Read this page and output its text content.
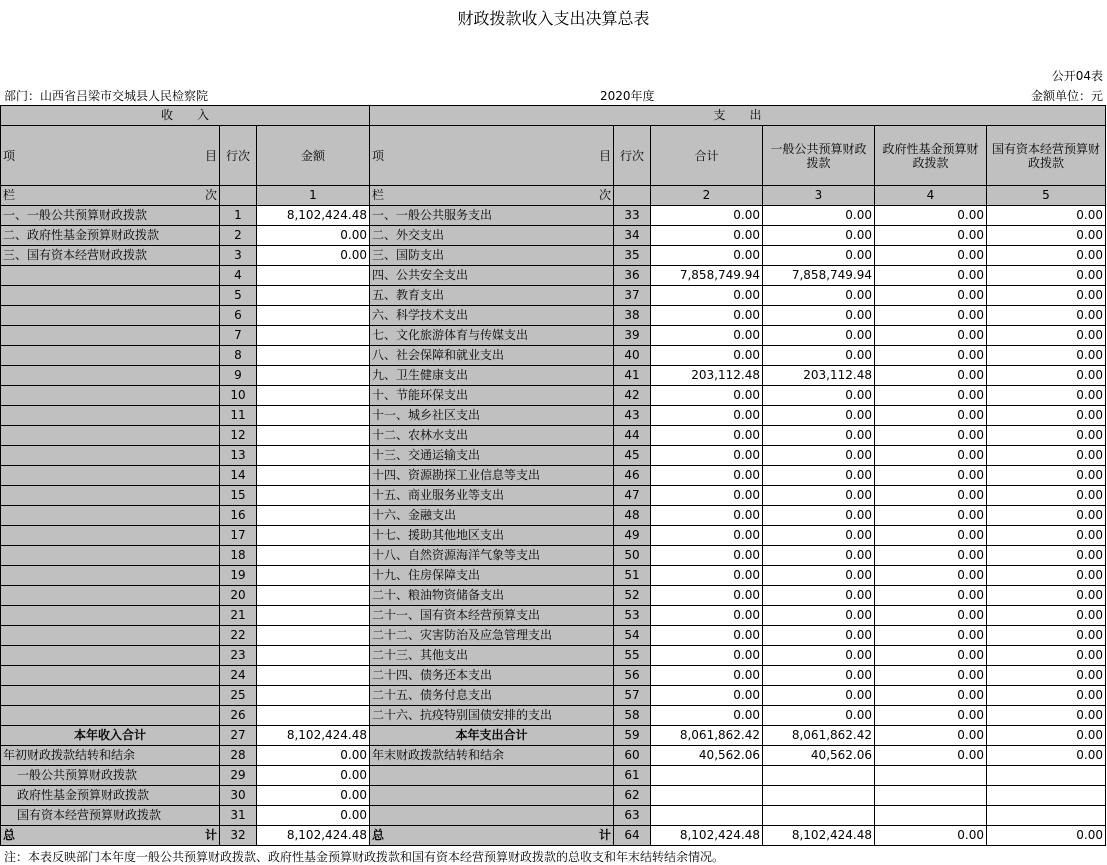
财政拨款收入支出决算总表
公开04表
部门：山西省吕梁市交城县人民检察院	2020年度	金额单位：元
收　　入			支　　出					

项 目	行次	金额	项 目	行次	合计	一般公共预算财政拨款	政府性基金预算财政拨款	国有资本经营预算财政拨款

栏 次		1	栏 次		2	3	4	5
一、一般公共预算财政拨款	1	8,102,424.48	一、一般公共服务支出	33	0.00	0.00	0.00	0.00
二、政府性基金预算财政拨款	2	0.00	二、外交支出	34	0.00	0.00	0.00	0.00
三、国有资本经营财政拨款	3	0.00	三、国防支出	35	0.00	0.00	0.00	0.00
	4		四、公共安全支出	36	7,858,749.94	7,858,749.94	0.00	0.00
	5		五、教育支出	37	0.00	0.00	0.00	0.00
	6		六、科学技术支出	38	0.00	0.00	0.00	0.00
	7		七、文化旅游体育与传媒支出	39	0.00	0.00	0.00	0.00
	8		八、社会保障和就业支出	40	0.00	0.00	0.00	0.00
	9		九、卫生健康支出	41	203,112.48	203,112.48	0.00	0.00
	10		十、节能环保支出	42	0.00	0.00	0.00	0.00
	11		十一、城乡社区支出	43	0.00	0.00	0.00	0.00
	12		十二、农林水支出	44	0.00	0.00	0.00	0.00
	13		十三、交通运输支出	45	0.00	0.00	0.00	0.00
	14		十四、资源勘探工业信息等支出	46	0.00	0.00	0.00	0.00
	15		十五、商业服务业等支出	47	0.00	0.00	0.00	0.00
	16		十六、金融支出	48	0.00	0.00	0.00	0.00
	17		十七、援助其他地区支出	49	0.00	0.00	0.00	0.00
	18		十八、自然资源海洋气象等支出	50	0.00	0.00	0.00	0.00
	19		十九、住房保障支出	51	0.00	0.00	0.00	0.00
	20		二十、粮油物资储备支出	52	0.00	0.00	0.00	0.00
	21		二十一、国有资本经营预算支出	53	0.00	0.00	0.00	0.00
	22		二十二、灾害防治及应急管理支出	54	0.00	0.00	0.00	0.00
	23		二十三、其他支出	55	0.00	0.00	0.00	0.00
	24		二十四、债务还本支出	56	0.00	0.00	0.00	0.00
	25		二十五、债务付息支出	57	0.00	0.00	0.00	0.00
	26		二十六、抗疫特别国债安排的支出	58	0.00	0.00	0.00	0.00
本年收入合计	27	8,102,424.48	本年支出合计	59	8,061,862.42	8,061,862.42	0.00	0.00
年初财政拨款结转和结余	28	0.00	年末财政拨款结转和结余	60	40,562.06	40,562.06	0.00	0.00
一般公共预算财政拨款	29	0.00		61				
政府性基金预算财政拨款	30	0.00		62				
国有资本经营预算财政拨款	31	0.00		63				

总 计	32	8,102,424.48	总 计	64	8,102,424.48	8,102,424.48	0.00	0.00
注：本表反映部门本年度一般公共预算财政拨款、政府性基金预算财政拨款和国有资本经营预算财政拨款的总收支和年末结转结余情况。
